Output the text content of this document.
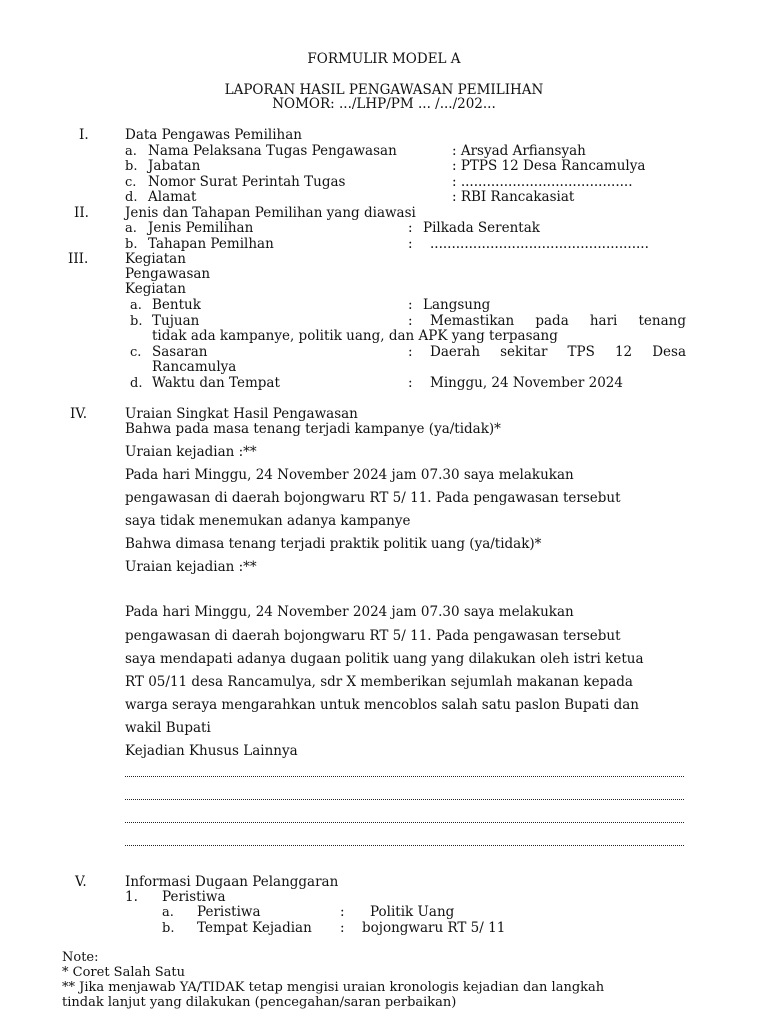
FORMULIR MODEL A
LAPORAN HASIL PENGAWASAN PEMILIHAN
NOMOR: .../LHP/PM ... /.../202...
I.	Data Pengawas Pemilihan
a. Nama Pelaksana Tugas Pengawasan	: Arsyad Arfiansyah
b. Jabatan	: PTPS 12 Desa Rancamulya
c. Nomor Surat Perintah Tugas	: ........................................
d. Alamat	: RBI Rancakasiat
II.	Jenis dan Tahapan Pemilihan yang diawasi
a. Jenis Pemilihan	: Pilkada Serentak
b. Tahapan Pemilhan	: ...................................................
III.	Kegiatan
Pengawasan
Kegiatan
a. Bentuk	: Langsung
b. Tujuan	: Memastikan pada hari tenang
tidak ada kampanye, politik uang, dan APK yang terpasang
c. Sasaran	: Daerah sekitar TPS 12 Desa
Rancamulya
d. Waktu dan Tempat	: Minggu, 24 November 2024
IV.	Uraian Singkat Hasil Pengawasan
Bahwa pada masa tenang terjadi kampanye (ya/tidak)*
Uraian kejadian :**
Pada hari Minggu, 24 November 2024 jam 07.30 saya melakukan
pengawasan di daerah bojongwaru RT 5/ 11. Pada pengawasan tersebut
saya tidak menemukan adanya kampanye
Bahwa dimasa tenang terjadi praktik politik uang (ya/tidak)*
Uraian kejadian :**
Pada hari Minggu, 24 November 2024 jam 07.30 saya melakukan
pengawasan di daerah bojongwaru RT 5/ 11. Pada pengawasan tersebut
saya mendapati adanya dugaan politik uang yang dilakukan oleh istri ketua
RT 05/11 desa Rancamulya, sdr X memberikan sejumlah makanan kepada
warga seraya mengarahkan untuk mencoblos salah satu paslon Bupati dan
wakil Bupati
Kejadian Khusus Lainnya
V.	Informasi Dugaan Pelanggaran
1. Peristiwa
a. Peristiwa	: Politik Uang
b. Tempat Kejadian : bojongwaru RT 5/ 11
Note:
* Coret Salah Satu
** Jika menjawab YA/TIDAK tetap mengisi uraian kronologis kejadian dan langkah
tindak lanjut yang dilakukan (pencegahan/saran perbaikan)
